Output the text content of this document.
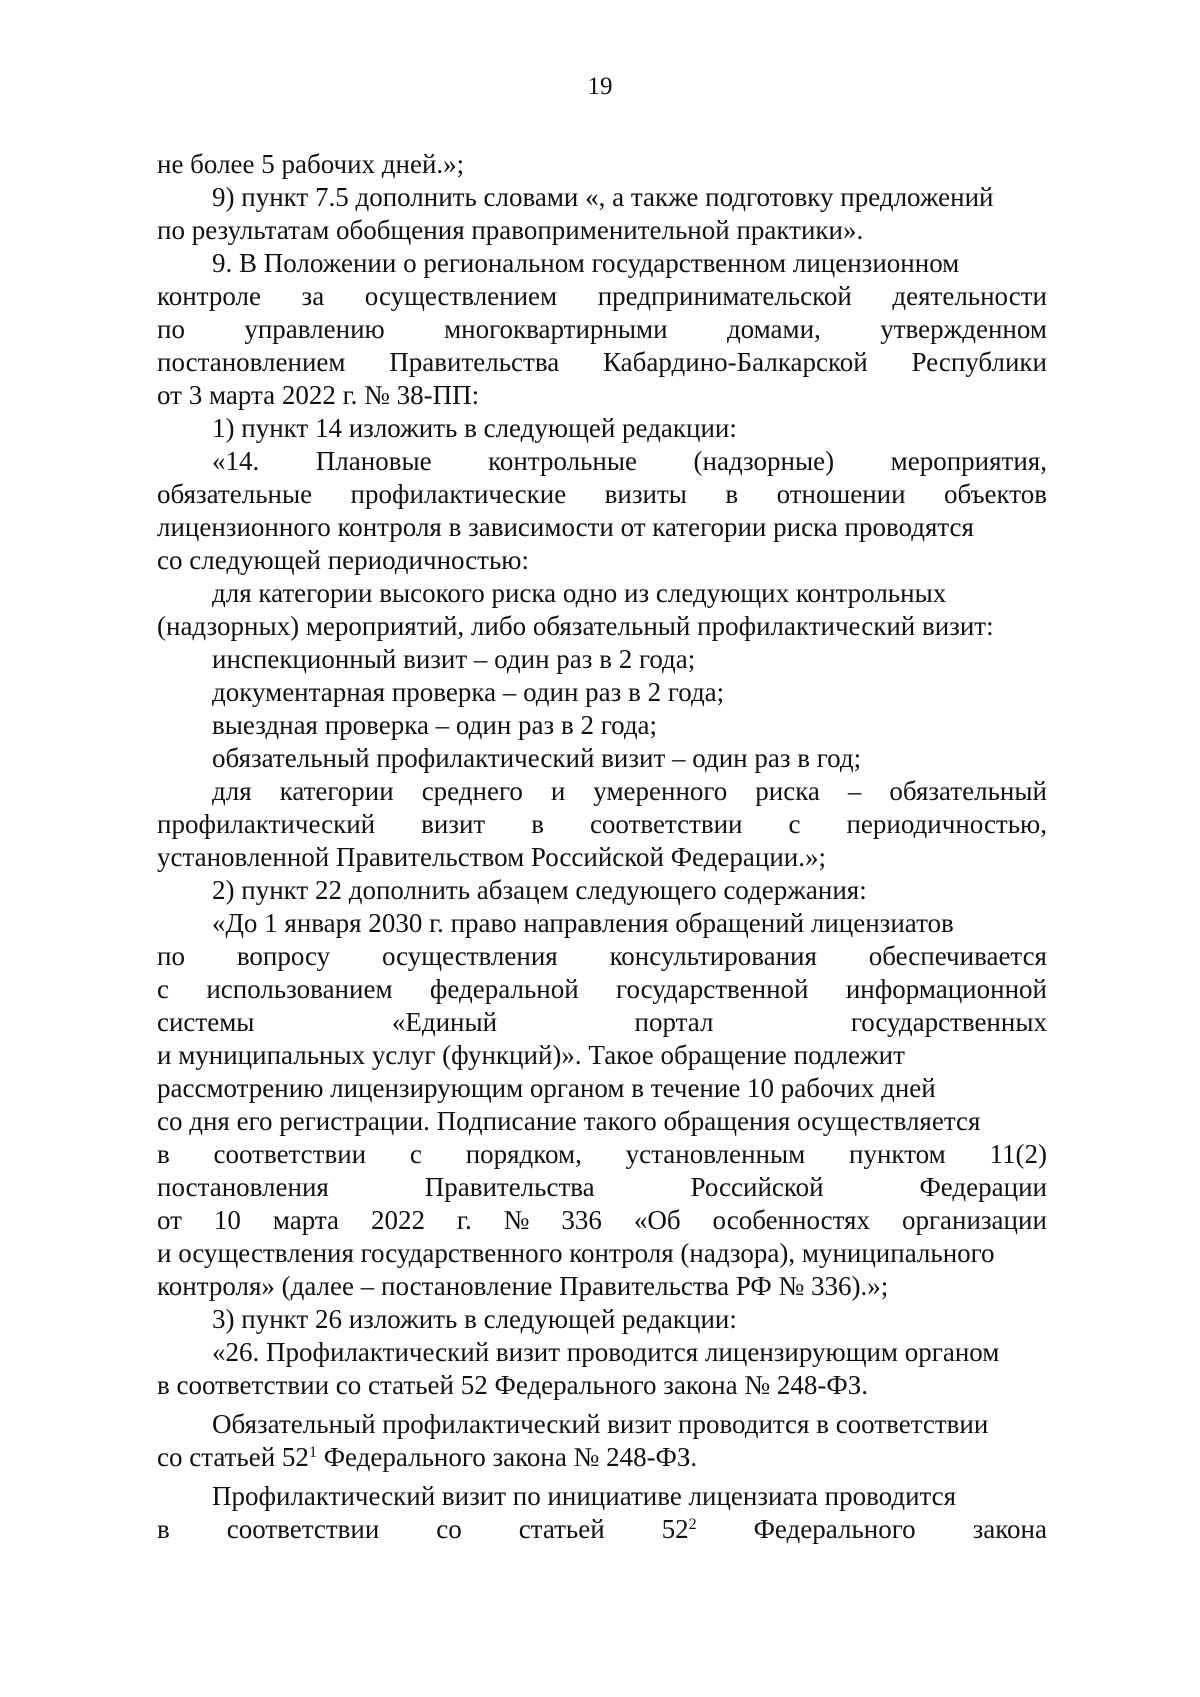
19
не более 5 рабочих дней.»;
9) пункт 7.5 дополнить словами «, а также подготовку предложений
по результатам обобщения правоприменительной практики».
9. В Положении о региональном государственном лицензионном
контроле за осуществлением предпринимательской деятельности
по управлению многоквартирными домами, утвержденном
постановлением Правительства Кабардино-Балкарской Республики
от 3 марта 2022 г. № 38-ПП:
1) пункт 14 изложить в следующей редакции:
«14. Плановые контрольные (надзорные) мероприятия,
обязательные профилактические визиты в отношении объектов
лицензионного контроля в зависимости от категории риска проводятся
со следующей периодичностью:
для категории высокого риска одно из следующих контрольных
(надзорных) мероприятий, либо обязательный профилактический визит:
инспекционный визит – один раз в 2 года;
документарная проверка – один раз в 2 года;
выездная проверка – один раз в 2 года;
обязательный профилактический визит – один раз в год;
для категории среднего и умеренного риска – обязательный
профилактический визит в соответствии с периодичностью,
установленной Правительством Российской Федерации.»;
2) пункт 22 дополнить абзацем следующего содержания:
«До 1 января 2030 г. право направления обращений лицензиатов
по вопросу осуществления консультирования обеспечивается
с использованием федеральной государственной информационной
системы	«Единый	портал	государственных
и муниципальных услуг (функций)». Такое обращение подлежит
рассмотрению лицензирующим органом в течение 10 рабочих дней
со дня его регистрации. Подписание такого обращения осуществляется
в соответствии с порядком, установленным пунктом 11(2)
постановления	Правительства	Российской	Федерации
от 10 марта 2022 г. № 336 «Об особенностях организации
и осуществления государственного контроля (надзора), муниципального
контроля» (далее – постановление Правительства РФ № 336).»;
3) пункт 26 изложить в следующей редакции:
«26. Профилактический визит проводится лицензирующим органом
в соответствии со статьей 52 Федерального закона № 248-ФЗ.
Обязательный профилактический визит проводится в соответствии
со статьей $52^1$ Федерального закона № 248-ФЗ.
Профилактический визит по инициативе лицензиата проводится
в соответствии со статьей $52^2$ Федерального закона
